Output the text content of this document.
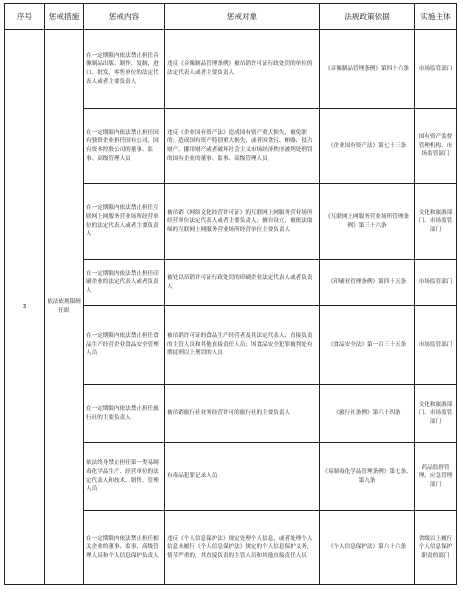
序号	惩戒措施	惩戒内容	惩戒对象	法规政策依据	实施主体
3	依法依规限制任职	在一定期限内依法禁止担任音像制品出版、制作、复制、进口、批发、零售单位的法定代表人或者主要负责人	违反《音像制品管理条例》被吊销许可证行政处罚的单位的法定代表人或者主要负责人	《音像制品管理条例》第四十六条	市场监管部门
		在一定期限内依法禁止担任国有独资企业担任国有公司、国有资本控股公司的董事、监事、高级管理人员	违反《企业国有资产法》造成国有资产重大损失，被免职的；造成国有资产特别重大损失，或者因贪污、贿赂、侵占财产、挪用财产或者破坏社会主义市场经济秩序被判处刑罚的国有企业的董事、监事、高级管理人员	《企业国有资产法》第七十三条	国有资产监督管理机构、市场监管部门
		在一定期限内依法禁止担任互联网上网服务营业场所经营单位的法定代表人或者主要负责人	被吊销《网络文化经营许可证》的互联网上网服务营业场所经营单位法定代表人或者主要负责人；擅自设立，被依法取缔的互联网上网服务营业场所经营单位主要负责人	《互联网上网服务营业场所管理条例》第三十六条	文化和旅游部门、市场监管部门
		在一定期限内依法禁止担任印刷企业的法定代表人或者负责人	被处以吊销许可证行政处罚的印刷企业法定代表人或者负责人	《印刷业管理条例》第四十五条	市场监管部门
		在一定期限内依法禁止担任食品生产经营企业食品安全管理人员	被吊销许可证的食品生产经营者及其法定代表人、直接负责的主管人员和其他直接责任人员；因食品安全犯罪被判处有期徒刑以上刑罚的人员	《食品安全法》第一百三十五条	市场监管部门
		在一定期限内依法禁止担任旅行社的主要负责人	被吊销旅行社业务经营许可的旅行社的主要负责人	《旅行社条例》第六十四条	文化和旅游部门、市场监管部门
		依法终身禁止担任第一类易制毒化学品生产、经营单位的法定代表人和技术、销售、管理人员	有毒品犯罪记录人员	《易制毒化学品管理条例》第七条、第九条	药品监督管理、应急管理部门
		在一定期限内依法禁止担任相关企业的董事、监事、高级管理人员和个人信息保护负责人	违反《个人信息保护法》规定处理个人信息，或者处理个人信息未履行《个人信息保护法》规定的个人信息保护义务，情节严重的，其直接负责的主管人员和其他直接责任人员	《个人信息保护法》第六十六条	省级以上履行个人信息保护职责的部门
